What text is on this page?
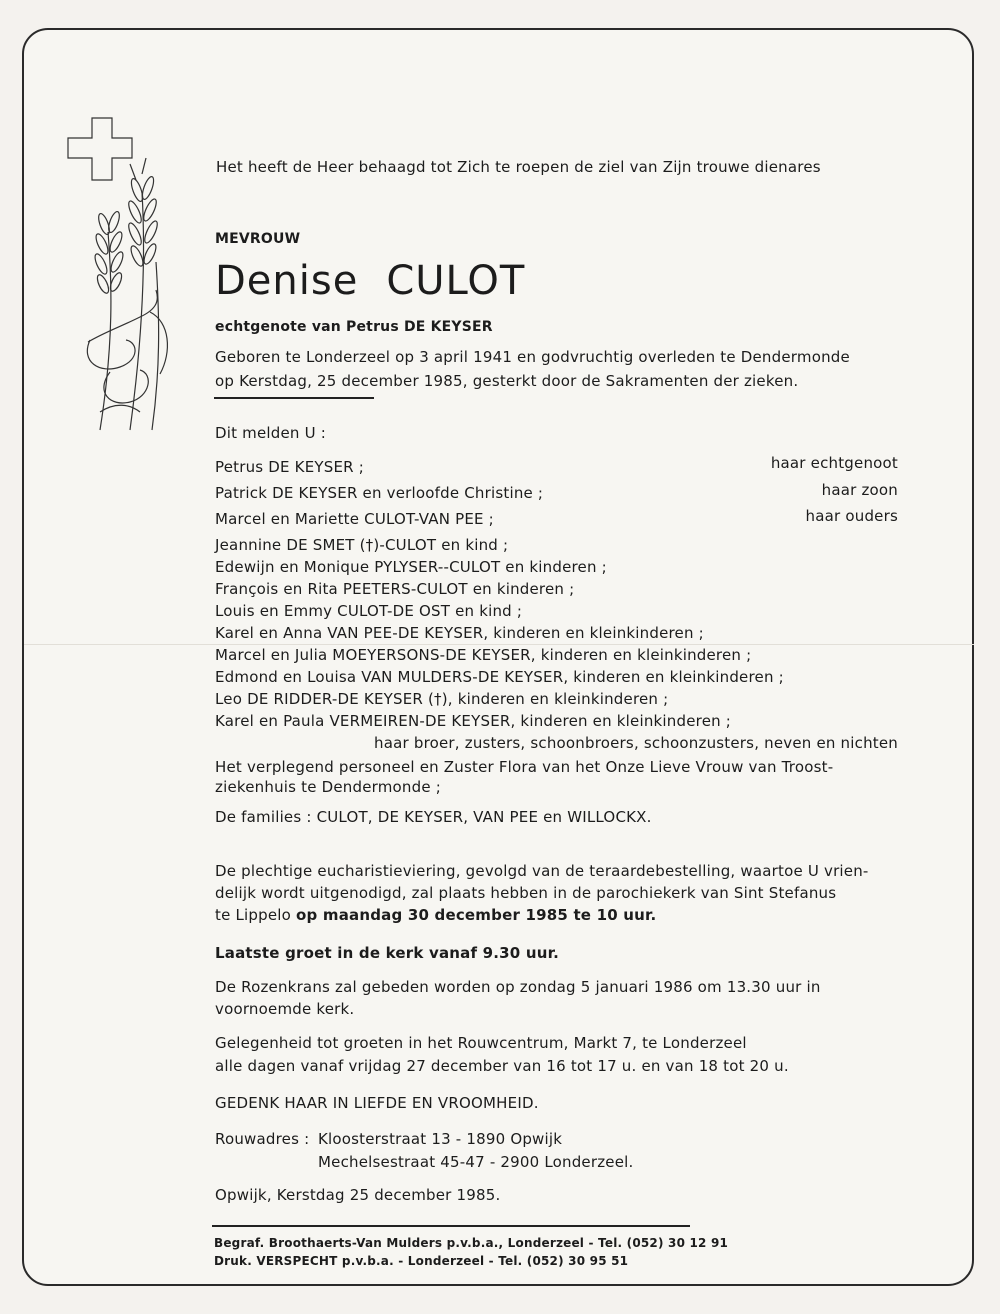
Het heeft de Heer behaagd tot Zich te roepen de ziel van Zijn trouwe dienares
MEVROUW
Denise CULOT
echtgenote van Petrus DE KEYSER
Geboren te Londerzeel op 3 april 1941 en godvruchtig overleden te Dendermonde
op Kerstdag, 25 december 1985, gesterkt door de Sakramenten der zieken.
Dit melden U :
Petrus DE KEYSER ;	haar echtgenoot
Patrick DE KEYSER en verloofde Christine ;	haar zoon
Marcel en Mariette CULOT-VAN PEE ;	haar ouders
Jeannine DE SMET (†)-CULOT en kind ;
Edewijn en Monique PYLYSER--CULOT en kinderen ;
François en Rita PEETERS-CULOT en kinderen ;
Louis en Emmy CULOT-DE OST en kind ;
Karel en Anna VAN PEE-DE KEYSER, kinderen en kleinkinderen ;
Marcel en Julia MOEYERSONS-DE KEYSER, kinderen en kleinkinderen ;
Edmond en Louisa VAN MULDERS-DE KEYSER, kinderen en kleinkinderen ;
Leo DE RIDDER-DE KEYSER (†), kinderen en kleinkinderen ;
Karel en Paula VERMEIREN-DE KEYSER, kinderen en kleinkinderen ;
haar broer, zusters, schoonbroers, schoonzusters, neven en nichten
Het verplegend personeel en Zuster Flora van het Onze Lieve Vrouw van Troost-
ziekenhuis te Dendermonde ;
De families : CULOT, DE KEYSER, VAN PEE en WILLOCKX.
De plechtige eucharistieviering, gevolgd van de teraardebestelling, waartoe U vrien-
delijk wordt uitgenodigd, zal plaats hebben in de parochiekerk van Sint Stefanus
te Lippelo op maandag 30 december 1985 te 10 uur.
Laatste groet in de kerk vanaf 9.30 uur.
De Rozenkrans zal gebeden worden op zondag 5 januari 1986 om 13.30 uur in
voornoemde kerk.
Gelegenheid tot groeten in het Rouwcentrum, Markt 7, te Londerzeel
alle dagen vanaf vrijdag 27 december van 16 tot 17 u. en van 18 tot 20 u.
GEDENK HAAR IN LIEFDE EN VROOMHEID.
Rouwadres : Kloosterstraat 13 - 1890 Opwijk
Mechelsestraat 45-47 - 2900 Londerzeel.
Opwijk, Kerstdag 25 december 1985.
Begraf. Broothaerts-Van Mulders p.v.b.a., Londerzeel - Tel. (052) 30 12 91
Druk. VERSPECHT p.v.b.a. - Londerzeel - Tel. (052) 30 95 51
